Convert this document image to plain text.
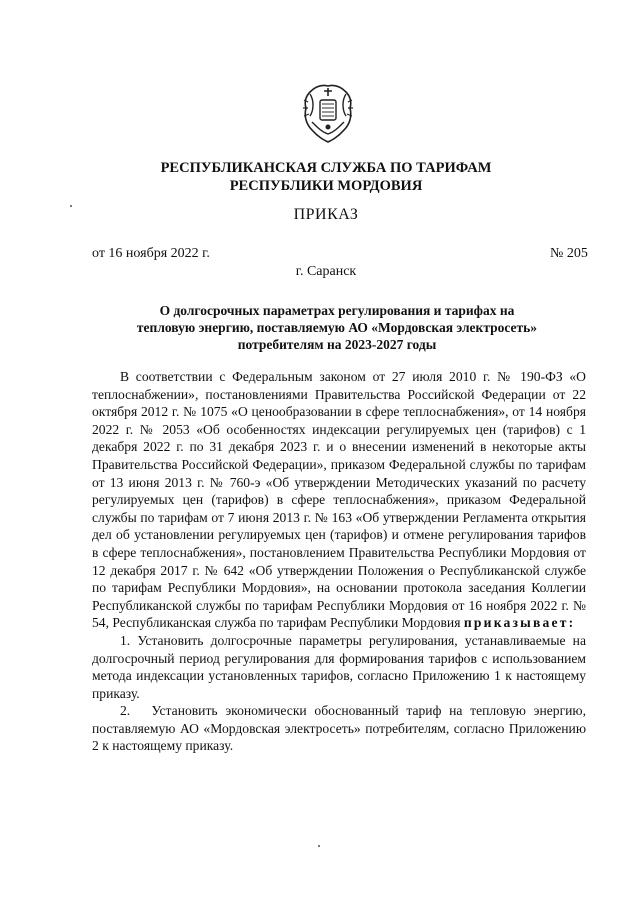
РЕСПУБЛИКАНСКАЯ СЛУЖБА ПО ТАРИФАМ
РЕСПУБЛИКИ МОРДОВИЯ
ПРИКАЗ
от 16 ноября 2022 г.	№ 205
г. Саранск
О долгосрочных параметрах регулирования и тарифах на
тепловую энергию, поставляемую АО «Мордовская электросеть»
потребителям на 2023-2027 годы

В соответствии с Федеральным законом от 27 июля 2010 г. № 190-ФЗ «О теплоснабжении», постановлениями Правительства Российской Федерации от 22 октября 2012 г. № 1075 «О ценообразовании в сфере теплоснабжения», от 14 ноября 2022 г. № 2053 «Об особенностях индексации регулируемых цен (тарифов) с 1 декабря 2022 г. по 31 декабря 2023 г. и о внесении изменений в некоторые акты Правительства Российской Федерации», приказом Федеральной службы по тарифам от 13 июня 2013 г. № 760-э «Об утверждении Методических указаний по расчету регулируемых цен (тарифов) в сфере теплоснабжения», приказом Федеральной службы по тарифам от 7 июня 2013 г. № 163 «Об утверждении Регламента открытия дел об установлении регулируемых цен (тарифов) и отмене регулирования тарифов в сфере теплоснабжения», постановлением Правительства Республики Мордовия от 12 декабря 2017 г. № 642 «Об утверждении Положения о Республиканской службе по тарифам Республики Мордовия», на основании протокола заседания Коллегии Республиканской службы по тарифам Республики Мордовия от 16 ноября 2022 г. № 54, Республиканская служба по тарифам Республики Мордовия приказывает:

1. Установить долгосрочные параметры регулирования, устанавливаемые на долгосрочный период регулирования для формирования тарифов с использованием метода индексации установленных тарифов, согласно Приложению 1 к настоящему приказу.

2.  Установить экономически обоснованный тариф на тепловую энергию, поставляемую АО «Мордовская электросеть» потребителям, согласно Приложению 2 к настоящему приказу.
